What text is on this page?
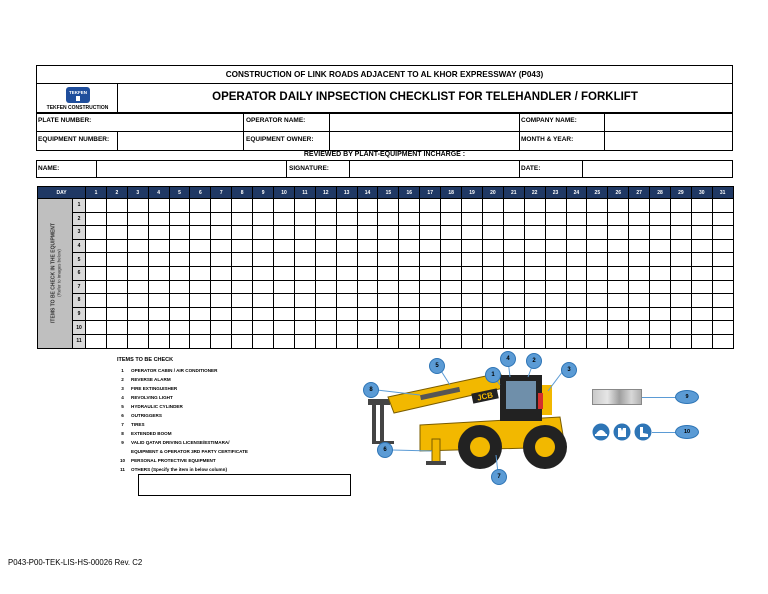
CONSTRUCTION OF LINK ROADS ADJACENT TO AL KHOR EXPRESSWAY (P043)
TEKFEN
TEKFEN CONSTRUCTION
OPERATOR DAILY INPSECTION CHECKLIST FOR TELEHANDLER / FORKLIFT
PLATE NUMBER:	OPERATOR NAME:	COMPANY NAME:
EQUIPMENT NUMBER:	EQUIPMENT OWNER:	MONTH & YEAR:
REVIEWED BY PLANT-EQUIPMENT INCHARGE :
NAME:	SIGNATURE:	DATE:
DAY		1	2	3	4	5	6	7	8	9	10	11	12	13	14	15	16	17	18	19	20	21	22	23	24	25	26	27	28	29	30	31

ITEMS TO BE CHECK IN THE EQUIPMENT (Refer to images below)	1																															
	2																															
	3																															
	4																															
	5																															
	6																															
	7																															
	8																															
	9																															
	10																															
	11																															
ITEMS TO BE CHECK
1	OPERATOR CABIN / AIR CONDITIONER
2	REVERSE ALARM
3	FIRE EXTINGUISHER
4	REVOLVING LIGHT
5	HYDRAULIC CYLINDER
6	OUTRIGGERS
7	TIRES
8	EXTENDED BOOM
9	VALID QATAR DRIVING LICENSE/ESTIMARA/
EQUIPMENT & OPERATOR 3RD PARTY CERTIFICATE
10	PERSONAL PROTECTIVE EQUIPMENT
11	OTHERS (Specify the item in below column)
JCB
1
2
3
4
5
6
7
8
9
10
P043-P00-TEK-LIS-HS-00026 Rev. C2
